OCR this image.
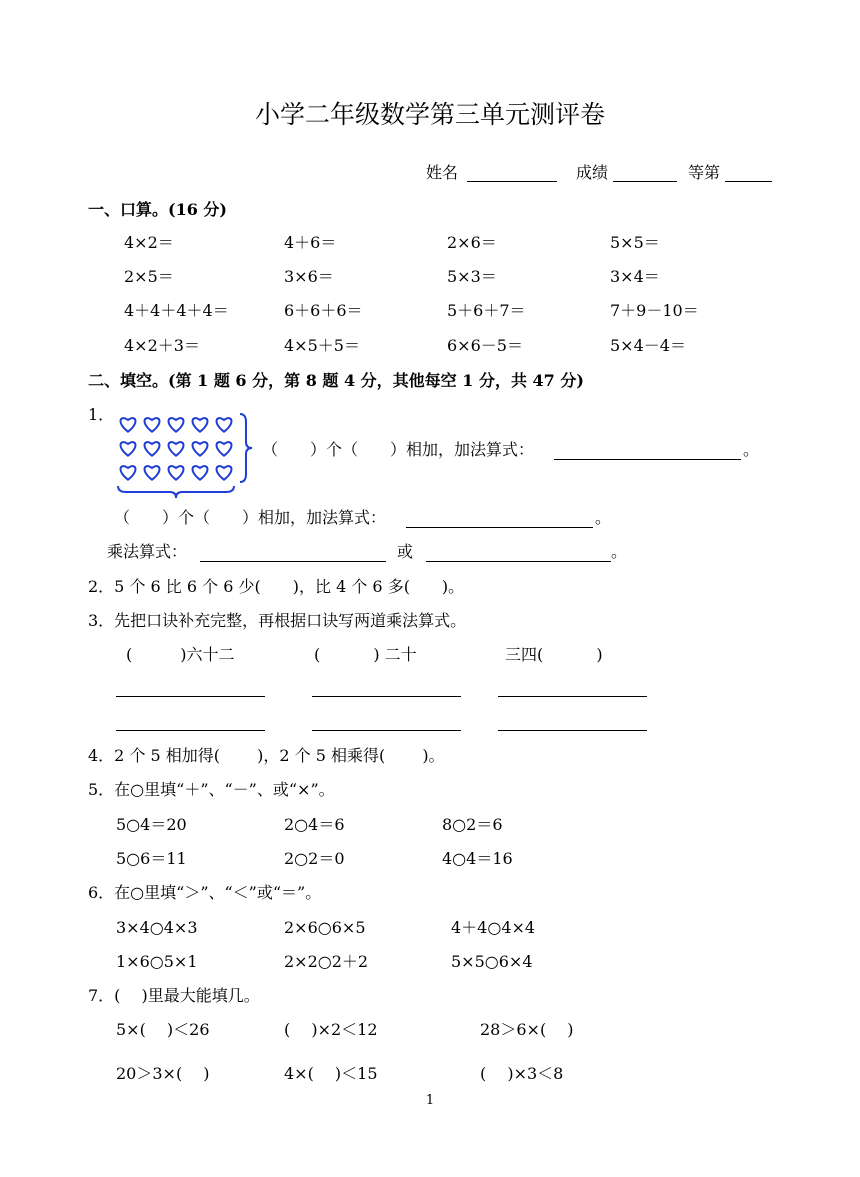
小学二年级数学第三单元测评卷
姓名	成绩	等第
一、口算。(16 分)
4×2＝	4＋6＝	2×6＝	5×5＝
2×5＝	3×6＝	5×3＝	3×4＝
4＋4＋4＋4＝	6＋6＋6＝	5＋6＋7＝	7＋9－10＝
4×2＋3＝	4×5＋5＝	6×6－5＝	5×4－4＝
二、填空。(第 1 题 6 分，第 8 题 4 分，其他每空 1 分，共 47 分)
1．
（　　）个（　　）相加，加法算式：	。
（　　）个（　　）相加，加法算式：	。
乘法算式：	或	。
2．5 个 6 比 6 个 6 少(　　)，比 4 个 6 多(　　)。
3．先把口诀补充完整，再根据口诀写两道乘法算式。
(　　　)六十二	(　　　 ) 二十	三四(　　　 )
4．2 个 5 相加得(　　 )，2 个 5 相乘得(　　 )。
5．在○里填“＋”、“－”、或“×”。
5○4＝20	2○4＝6	8○2＝6
5○6＝11	2○2＝0	4○4＝16
6．在○里填“＞”、“＜”或“＝”。
3×4○4×3	2×6○6×5	4＋4○4×4
1×6○5×1	2×2○2＋2	5×5○6×4
7．(　 )里最大能填几。
5×(　 )＜26	(　 )×2＜12	28＞6×(　 )
20＞3×(　 )	4×(　 )＜15	(　 )×3＜8
1
